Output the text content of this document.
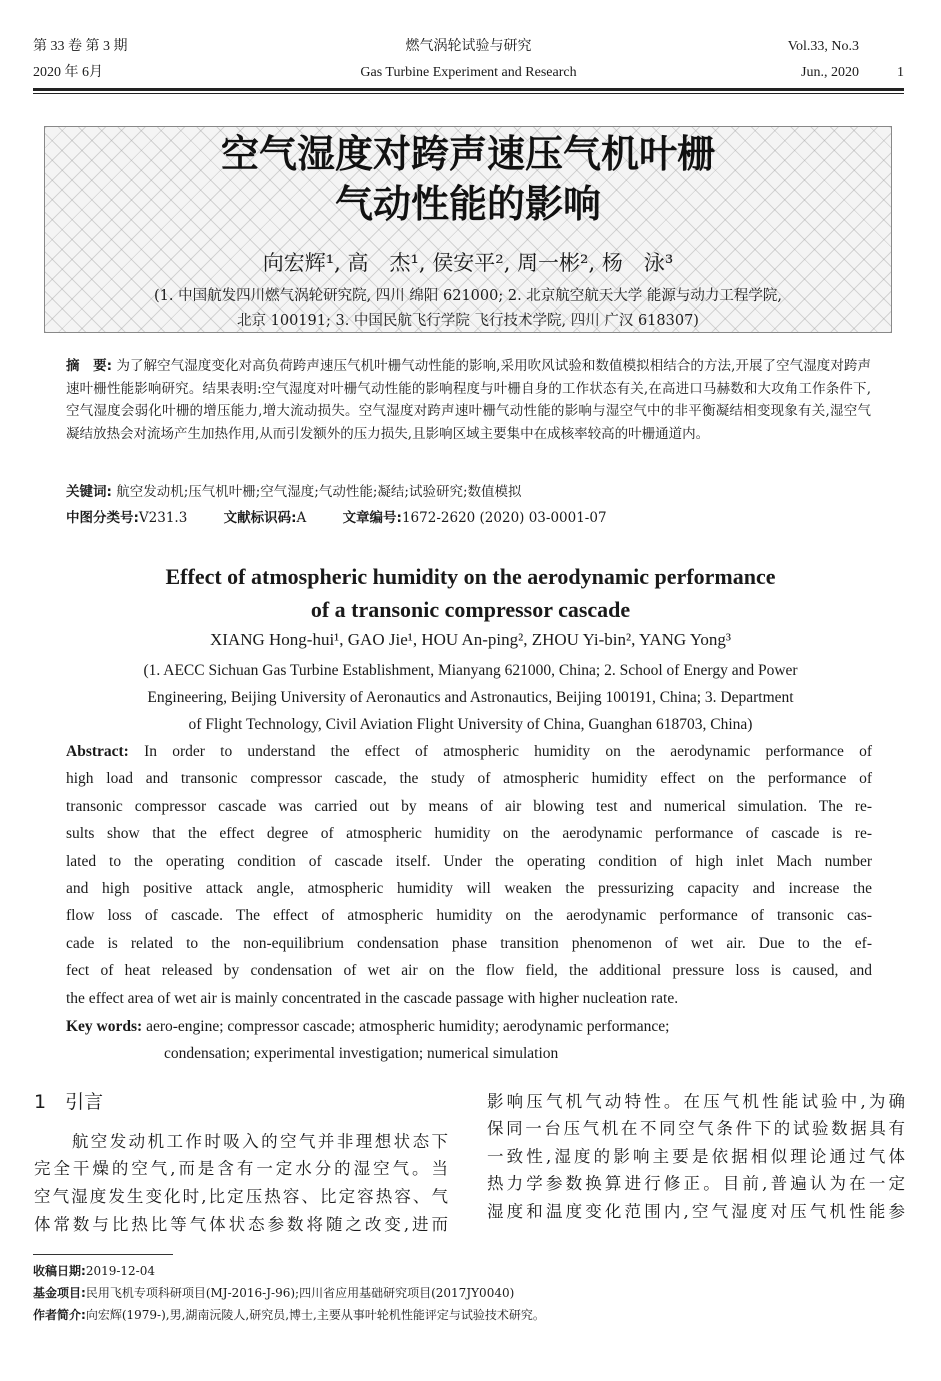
第 33 卷 第 3 期	燃气涡轮试验与研究	Vol.33, No.3
2020 年 6月	Gas Turbine Experiment and Research	Jun., 2020	1
空气湿度对跨声速压气机叶栅
气动性能的影响
向宏辉¹, 高　杰¹, 侯安平², 周一彬², 杨　泳³
(1. 中国航发四川燃气涡轮研究院, 四川 绵阳 621000; 2. 北京航空航天大学 能源与动力工程学院,
北京 100191; 3. 中国民航飞行学院 飞行技术学院, 四川 广汉 618307)
摘　要: 为了解空气湿度变化对高负荷跨声速压气机叶栅气动性能的影响,采用吹风试验和数值模拟相结合的方法,开展了空气湿度对跨声速叶栅性能影响研究。结果表明:空气湿度对叶栅气动性能的影响程度与叶栅自身的工作状态有关,在高进口马赫数和大攻角工作条件下,空气湿度会弱化叶栅的增压能力,增大流动损失。空气湿度对跨声速叶栅气动性能的影响与湿空气中的非平衡凝结相变现象有关,湿空气凝结放热会对流场产生加热作用,从而引发额外的压力损失,且影响区域主要集中在成核率较高的叶栅通道内。
关键词: 航空发动机;压气机叶栅;空气湿度;气动性能;凝结;试验研究;数值模拟
中图分类号:V231.3	文献标识码:A	文章编号:1672-2620 (2020) 03-0001-07
Effect of atmospheric humidity on the aerodynamic performance
of a transonic compressor cascade
XIANG Hong-hui¹, GAO Jie¹, HOU An-ping², ZHOU Yi-bin², YANG Yong³
(1. AECC Sichuan Gas Turbine Establishment, Mianyang 621000, China; 2. School of Energy and Power
Engineering, Beijing University of Aeronautics and Astronautics, Beijing 100191, China; 3. Department
of Flight Technology, Civil Aviation Flight University of China, Guanghan 618703, China)
Abstract: In order to understand the effect of atmospheric humidity on the aerodynamic performance of
high load and transonic compressor cascade, the study of atmospheric humidity effect on the performance of
transonic compressor cascade was carried out by means of air blowing test and numerical simulation. The re-
sults show that the effect degree of atmospheric humidity on the aerodynamic performance of cascade is re-
lated to the operating condition of cascade itself. Under the operating condition of high inlet Mach number
and high positive attack angle, atmospheric humidity will weaken the pressurizing capacity and increase the
flow loss of cascade. The effect of atmospheric humidity on the aerodynamic performance of transonic cas-
cade is related to the non-equilibrium condensation phase transition phenomenon of wet air. Due to the ef-
fect of heat released by condensation of wet air on the flow field, the additional pressure loss is caused, and
the effect area of wet air is mainly concentrated in the cascade passage with higher nucleation rate.
Key words: aero-engine; compressor cascade; atmospheric humidity; aerodynamic performance;
condensation; experimental investigation; numerical simulation
1　引言
　　航空发动机工作时吸入的空气并非理想状态下
完全干燥的空气,而是含有一定水分的湿空气。当
空气湿度发生变化时,比定压热容、比定容热容、气
体常数与比热比等气体状态参数将随之改变,进而
影响压气机气动特性。在压气机性能试验中,为确
保同一台压气机在不同空气条件下的试验数据具有
一致性,湿度的影响主要是依据相似理论通过气体
热力学参数换算进行修正。目前,普遍认为在一定
湿度和温度变化范围内,空气湿度对压气机性能参
收稿日期:2019-12-04
基金项目:民用飞机专项科研项目(MJ-2016-J-96);四川省应用基础研究项目(2017JY0040)
作者简介:向宏辉(1979-),男,湖南沅陵人,研究员,博士,主要从事叶轮机性能评定与试验技术研究。
